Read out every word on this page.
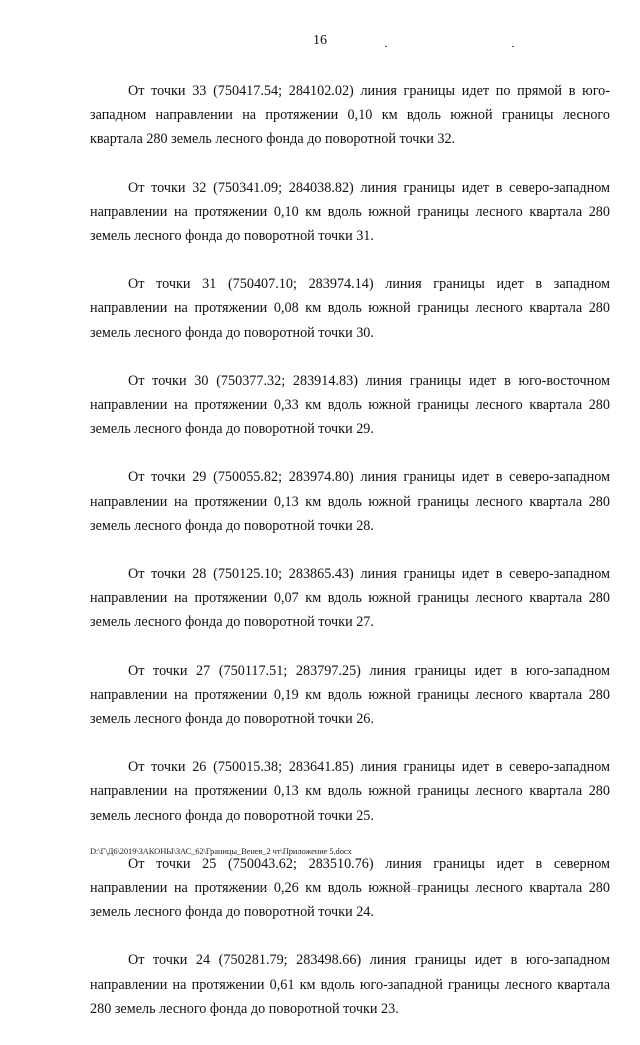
16

От точки 33 (750417.54; 284102.02) линия границы идет по прямой в юго-западном направлении на протяжении 0,10 км вдоль южной границы лесного квартала 280 земель лесного фонда до поворотной точки 32.

От точки 32 (750341.09; 284038.82) линия границы идет в северо-западном направлении на протяжении 0,10 км вдоль южной границы лесного квартала 280 земель лесного фонда до поворотной точки 31.

От точки 31 (750407.10; 283974.14) линия границы идет в западном направлении на протяжении 0,08 км вдоль южной границы лесного квартала 280 земель лесного фонда до поворотной точки 30.

От точки 30 (750377.32; 283914.83) линия границы идет в юго-восточном направлении на протяжении 0,33 км вдоль южной границы лесного квартала 280 земель лесного фонда до поворотной точки 29.

От точки 29 (750055.82; 283974.80) линия границы идет в северо-западном направлении на протяжении 0,13 км вдоль южной границы лесного квартала 280 земель лесного фонда до поворотной точки 28.

От точки 28 (750125.10; 283865.43) линия границы идет в северо-западном направлении на протяжении 0,07 км вдоль южной границы лесного квартала 280 земель лесного фонда до поворотной точки 27.

От точки 27 (750117.51; 283797.25) линия границы идет в юго-западном направлении на протяжении 0,19 км вдоль южной границы лесного квартала 280 земель лесного фонда до поворотной точки 26.

От точки 26 (750015.38; 283641.85) линия границы идет в северо-западном направлении на протяжении 0,13 км вдоль южной границы лесного квартала 280 земель лесного фонда до поворотной точки 25.

От точки 25 (750043.62; 283510.76) линия границы идет в северном направлении на протяжении 0,26 км вдоль южной границы лесного квартала 280 земель лесного фонда до поворотной точки 24.

От точки 24 (750281.79; 283498.66) линия границы идет в юго-западном направлении на протяжении 0,61 км вдоль юго-западной границы лесного квартала 280 земель лесного фонда до поворотной точки 23.

D:\Г\Д6\2019\ЗАКОНЫ\ЗАС_62\Границы_Венев_2 чт\Приложение 5.docx
